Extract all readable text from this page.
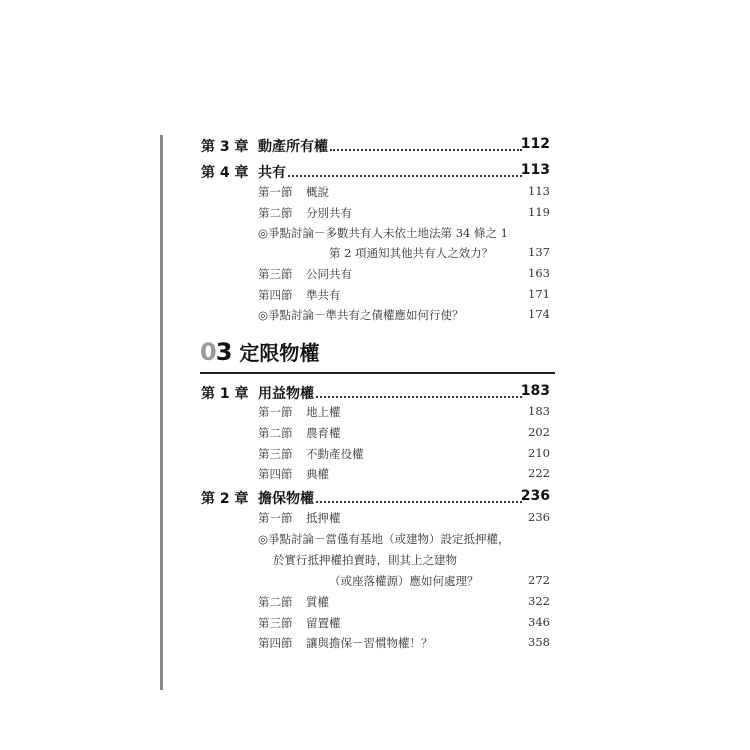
第 3 章 動產所有權	112
第 4 章 共有	113
第一節 概說	113
第二節 分別共有	119
◎爭點討論－多數共有人未依土地法第 34 條之 1
第 2 項通知其他共有人之效力？	137
第三節 公同共有	163
第四節 準共有	171
◎爭點討論－準共有之債權應如何行使？	174
03 定限物權
第 1 章 用益物權	183
第一節 地上權	183
第二節 農育權	202
第三節 不動產役權	210
第四節 典權	222
第 2 章 擔保物權	236
第一節 抵押權	236
◎爭點討論－當僅有基地（或建物）設定抵押權，
於實行抵押權拍賣時，則其上之建物
（或座落權源）應如何處理？	272
第二節 質權	322
第三節 留置權	346
第四節 讓與擔保－習慣物權！？	358
